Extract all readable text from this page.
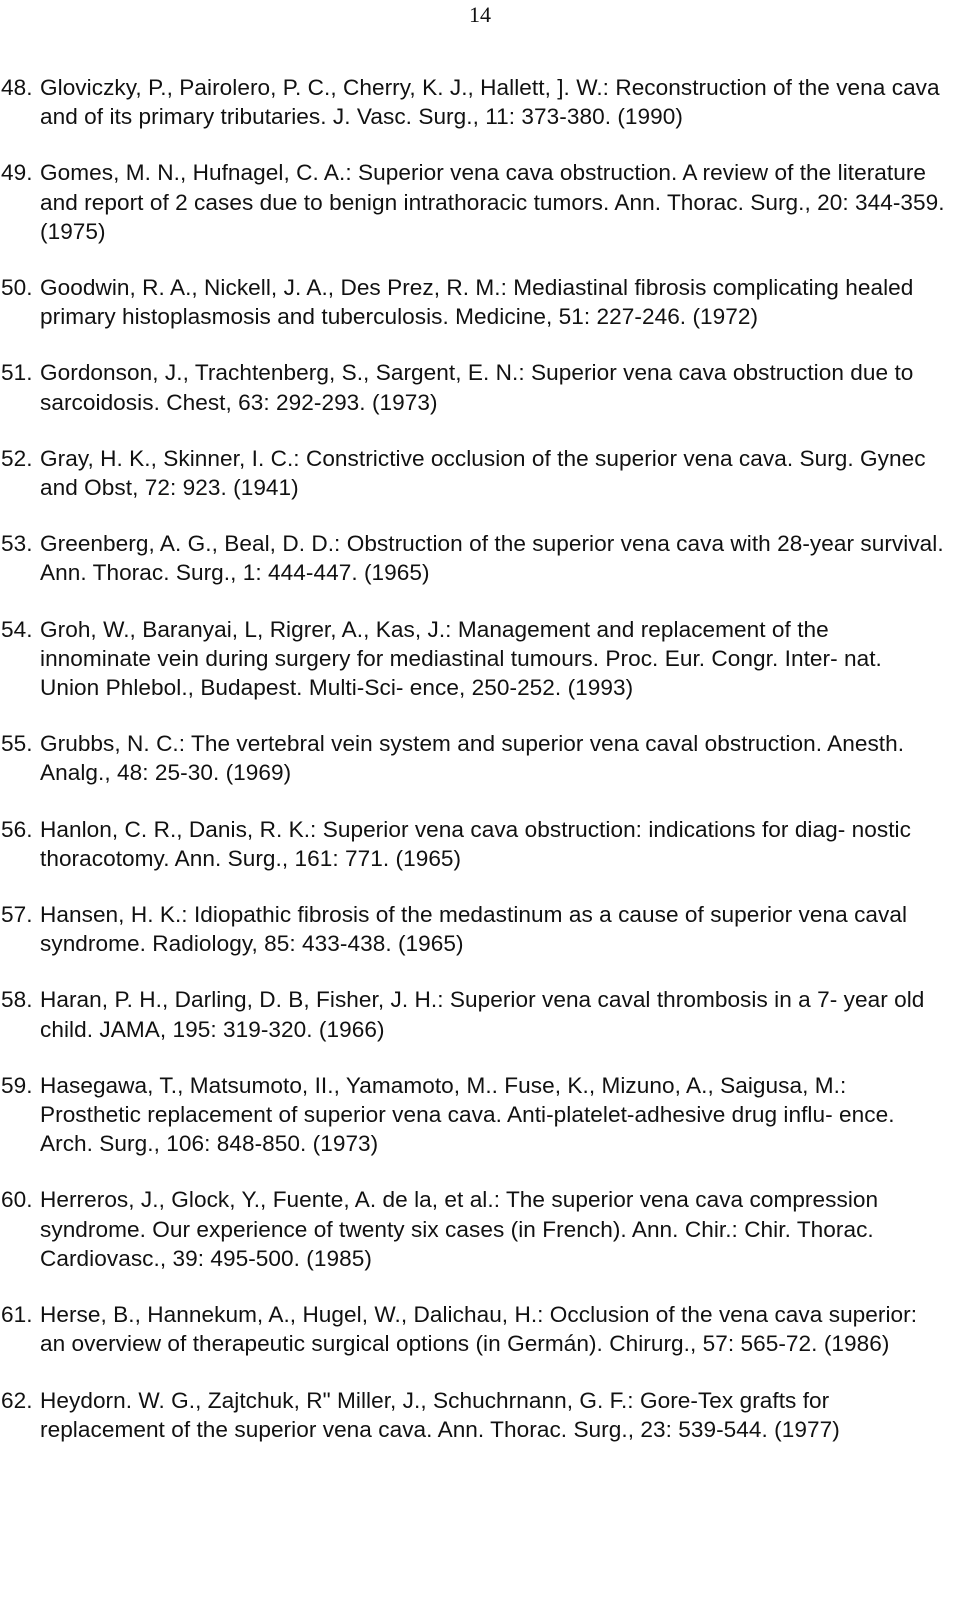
14
48. Gloviczky, P., Pairolero, P. C., Cherry, K. J., Hallett, ]. W.: Reconstruction of the vena cava and of its primary tributaries. J. Vasc. Surg., 11: 373-380. (1990)
49. Gomes, M. N., Hufnagel, C. A.: Superior vena cava obstruction. A review of the literature and report of 2 cases due to benign intrathoracic tumors. Ann. Thorac. Surg., 20: 344-359. (1975)
50. Goodwin, R. A., Nickell, J. A., Des Prez, R. M.: Mediastinal fibrosis complicating healed primary histoplasmosis and tuberculosis. Medicine, 51: 227-246. (1972)
51. Gordonson, J., Trachtenberg, S., Sargent, E. N.: Superior vena cava obstruction due to sarcoidosis. Chest, 63: 292-293. (1973)
52. Gray, H. K., Skinner, I. C.: Constrictive occlusion of the superior vena cava. Surg. Gynec and Obst, 72: 923. (1941)
53. Greenberg, A. G., Beal, D. D.: Obstruction of the superior vena cava with 28-year survival. Ann. Thorac. Surg., 1: 444-447. (1965)
54. Groh, W., Baranyai, L, Rigrer, A., Kas, J.: Management and replacement of the innominate vein during surgery for mediastinal tumours. Proc. Eur. Congr. Inter- nat. Union Phlebol., Budapest. Multi-Sci- ence, 250-252. (1993)
55. Grubbs, N. C.: The vertebral vein system and superior vena caval obstruction. Anesth. Analg., 48: 25-30. (1969)
56. Hanlon, C. R., Danis, R. K.: Superior vena cava obstruction: indications for diag- nostic thoracotomy. Ann. Surg., 161: 771. (1965)
57. Hansen, H. K.: Idiopathic fibrosis of the medastinum as a cause of superior vena caval syndrome. Radiology, 85: 433-438. (1965)
58. Haran, P. H., Darling, D. B, Fisher, J. H.: Superior vena caval thrombosis in a 7- year old child. JAMA, 195: 319-320. (1966)
59. Hasegawa, T., Matsumoto, II., Yamamoto, M.. Fuse, K., Mizuno, A., Saigusa, M.: Prosthetic replacement of superior vena cava. Anti-platelet-adhesive drug influ- ence. Arch. Surg., 106: 848-850. (1973)
60. Herreros, J., Glock, Y., Fuente, A. de la, et al.: The superior vena cava compression syndrome. Our experience of twenty six cases (in French). Ann. Chir.: Chir. Thorac. Cardiovasc., 39: 495-500. (1985)
61. Herse, B., Hannekum, A., Hugel, W., Dalichau, H.: Occlusion of the vena cava superior: an overview of therapeutic surgical options (in Germán). Chirurg., 57: 565-72. (1986)
62. Heydorn. W. G., Zajtchuk, R" Miller, J., Schuchrnann, G. F.: Gore-Tex grafts for replacement of the superior vena cava. Ann. Thorac. Surg., 23: 539-544. (1977)
